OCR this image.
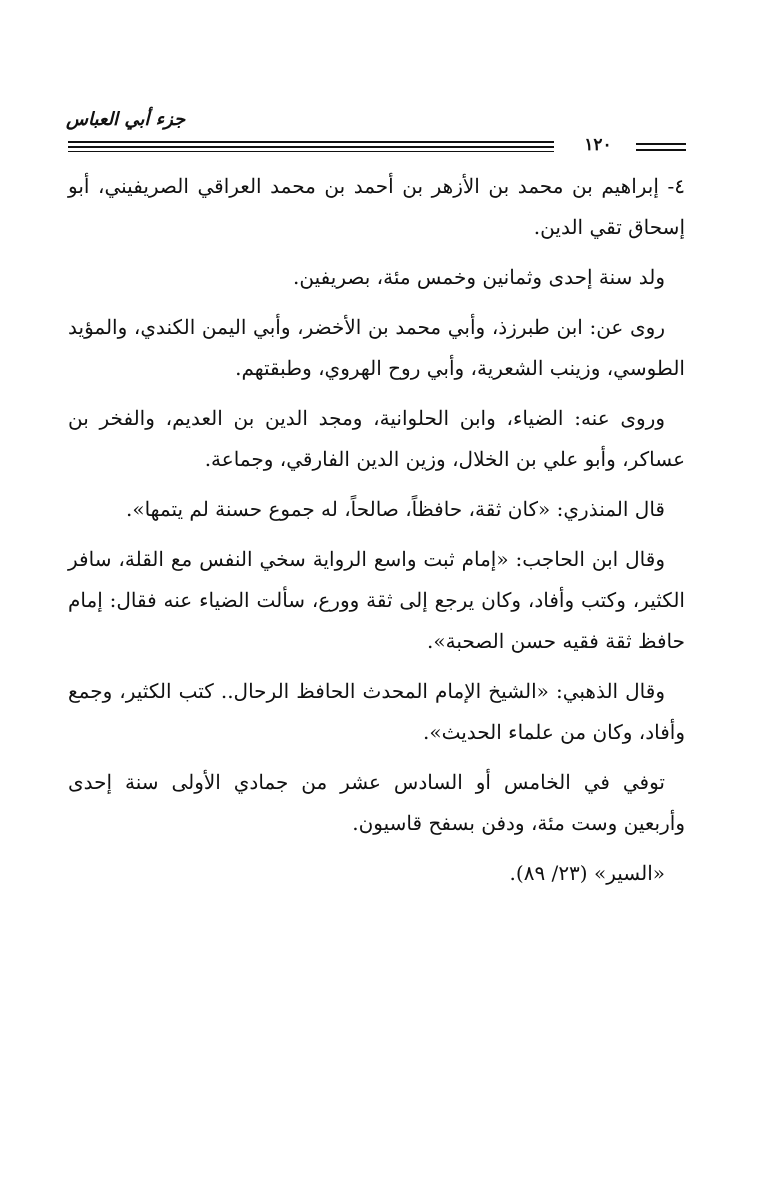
جزء أبي العباس
١٢٠

٤- إبراهيم بن محمد بن الأزهر بن أحمد بن محمد العراقي الصريفيني، أبو إسحاق تقي الدين.

ولد سنة إحدى وثمانين وخمس مئة، بصريفين.

روى عن: ابن طبرزذ، وأبي محمد بن الأخضر، وأبي اليمن الكندي، والمؤيد الطوسي، وزينب الشعرية، وأبي روح الهروي، وطبقتهم.

وروى عنه: الضياء، وابن الحلوانية، ومجد الدين بن العديم، والفخر بن عساكر، وأبو علي بن الخلال، وزين الدين الفارقي، وجماعة.

قال المنذري: «كان ثقة، حافظاً، صالحاً، له جموع حسنة لم يتمها».

وقال ابن الحاجب: «إمام ثبت واسع الرواية سخي النفس مع القلة، سافر الكثير، وكتب وأفاد، وكان يرجع إلى ثقة وورع، سألت الضياء عنه فقال: إمام حافظ ثقة فقيه حسن الصحبة».

وقال الذهبي: «الشيخ الإمام المحدث الحافظ الرحال.. كتب الكثير، وجمع وأفاد، وكان من علماء الحديث».

توفي في الخامس أو السادس عشر من جمادي الأولى سنة إحدى وأربعين وست مئة، ودفن بسفح قاسيون.

«السير» (٢٣/ ٨٩).
